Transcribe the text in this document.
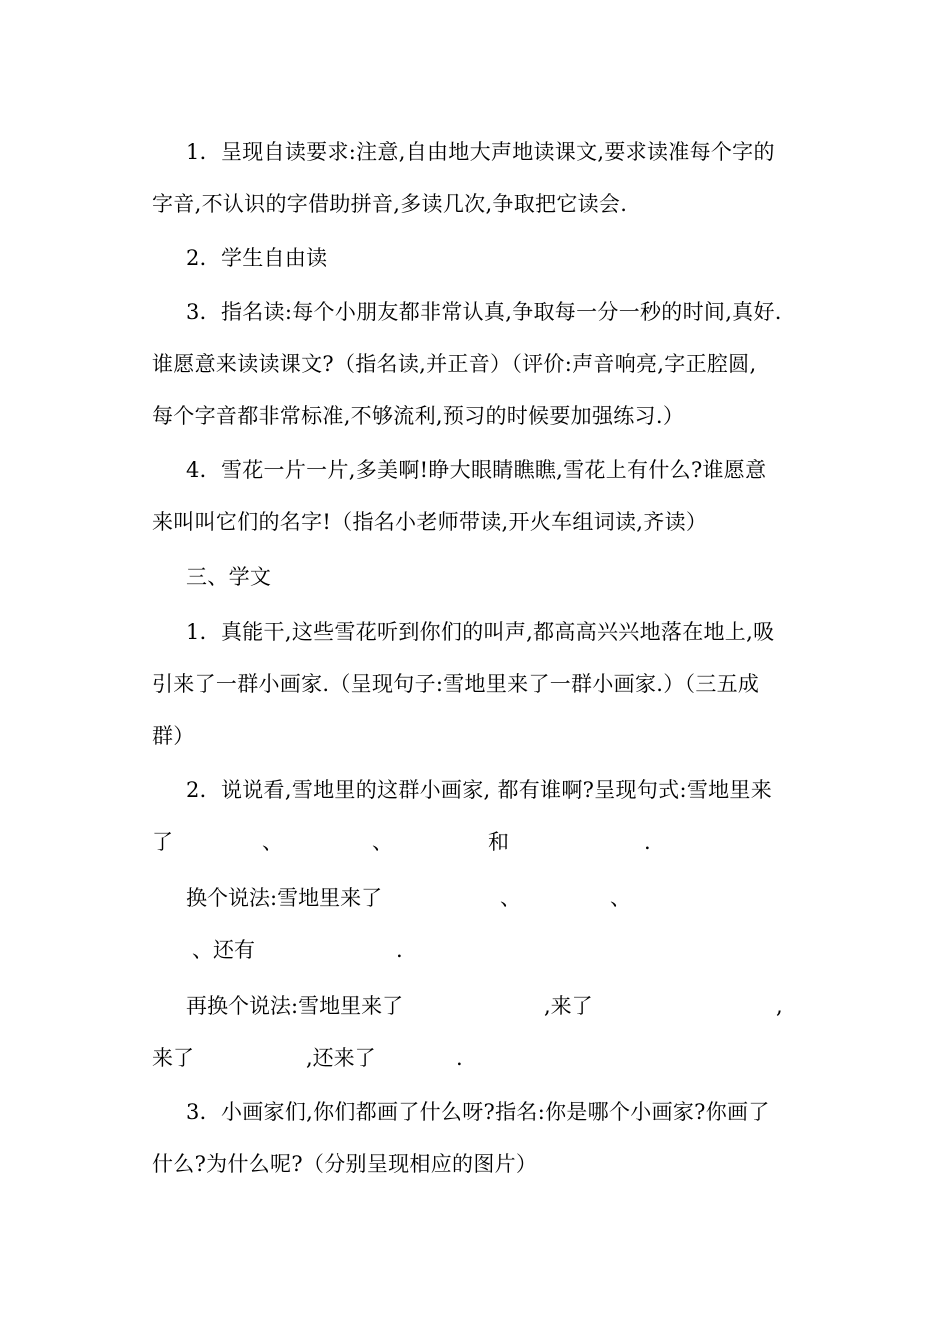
1．呈现自读要求:注意,自由地大声地读课文,要求读准每个字的
字音,不认识的字借助拼音,多读几次,争取把它读会.
2．学生自由读
3．指名读:每个小朋友都非常认真,争取每一分一秒的时间,真好.
谁愿意来读读课文?（指名读,并正音）（评价:声音响亮,字正腔圆,
每个字音都非常标准,不够流利,预习的时候要加强练习.）
4．雪花一片一片,多美啊!睁大眼睛瞧瞧,雪花上有什么?谁愿意
来叫叫它们的名字!（指名小老师带读,开火车组词读,齐读）
三、学文
1．真能干,这些雪花听到你们的叫声,都高高兴兴地落在地上,吸
引来了一群小画家.（呈现句子:雪地里来了一群小画家.）（三五成
群）
2．说说看,雪地里的这群小画家, 都有谁啊?呈现句式:雪地里来
了	、	、	和	.
换个说法:雪地里来了	、	、
、还有	.
再换个说法:雪地里来了	,来了	,
来了	,还来了	.
3．小画家们,你们都画了什么呀?指名:你是哪个小画家?你画了
什么?为什么呢?（分别呈现相应的图片）
